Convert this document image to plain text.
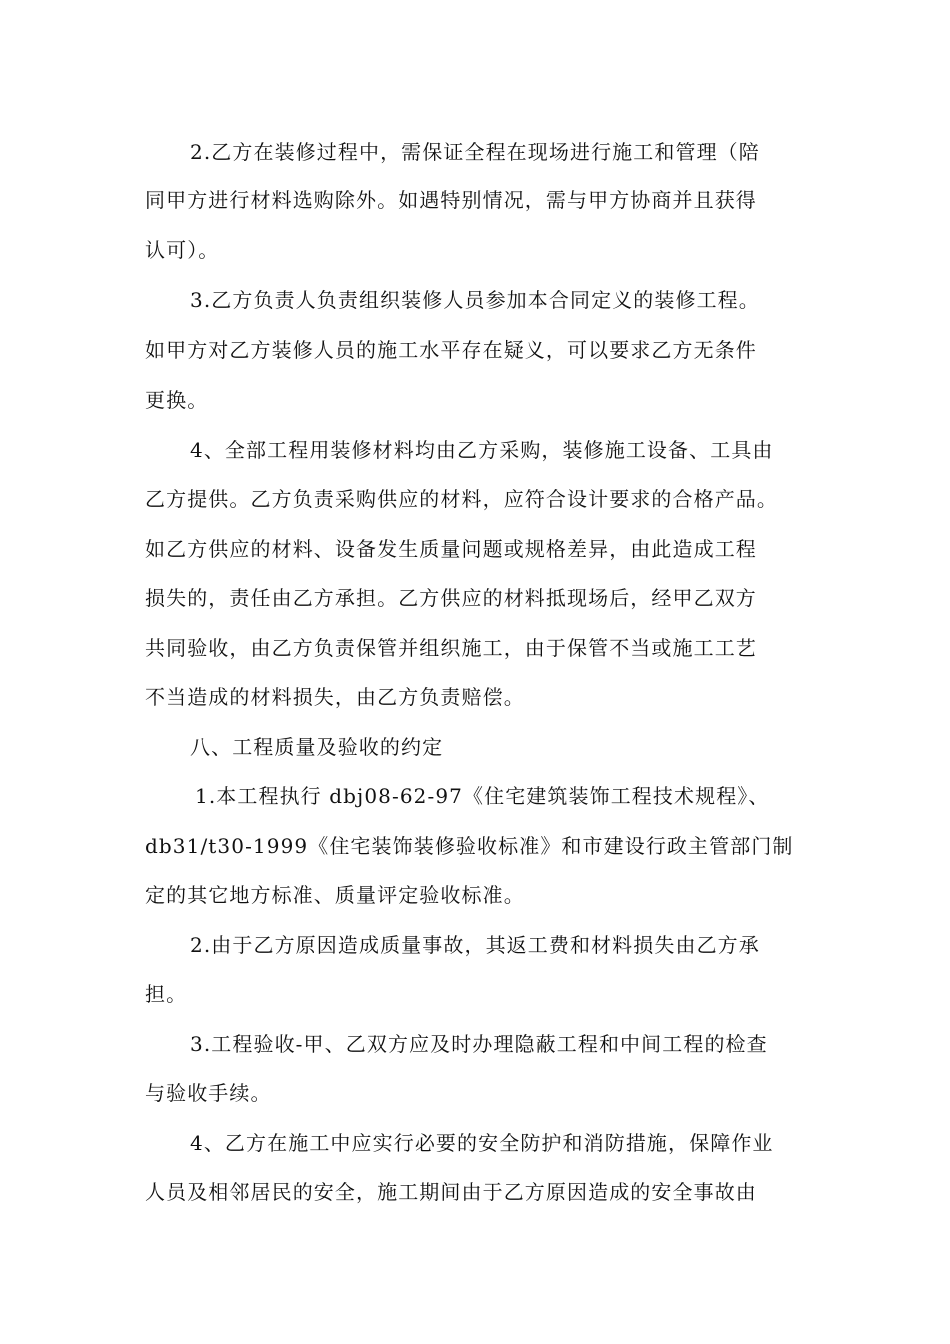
2.乙方在装修过程中，需保证全程在现场进行施工和管理（陪
同甲方进行材料选购除外。如遇特别情况，需与甲方协商并且获得
认可）。
3.乙方负责人负责组织装修人员参加本合同定义的装修工程。
如甲方对乙方装修人员的施工水平存在疑义，可以要求乙方无条件
更换。
4、全部工程用装修材料均由乙方采购，装修施工设备、工具由
乙方提供。乙方负责采购供应的材料，应符合设计要求的合格产品。
如乙方供应的材料、设备发生质量问题或规格差异，由此造成工程
损失的，责任由乙方承担。乙方供应的材料抵现场后，经甲乙双方
共同验收，由乙方负责保管并组织施工，由于保管不当或施工工艺
不当造成的材料损失，由乙方负责赔偿。
八、工程质量及验收的约定
1.本工程执行 dbj08-62-97《住宅建筑装饰工程技术规程》、
db31/t30-1999《住宅装饰装修验收标准》和市建设行政主管部门制
定的其它地方标准、质量评定验收标准。
2.由于乙方原因造成质量事故，其返工费和材料损失由乙方承
担。
3.工程验收-甲、乙双方应及时办理隐蔽工程和中间工程的检查
与验收手续。
4、乙方在施工中应实行必要的安全防护和消防措施，保障作业
人员及相邻居民的安全，施工期间由于乙方原因造成的安全事故由
